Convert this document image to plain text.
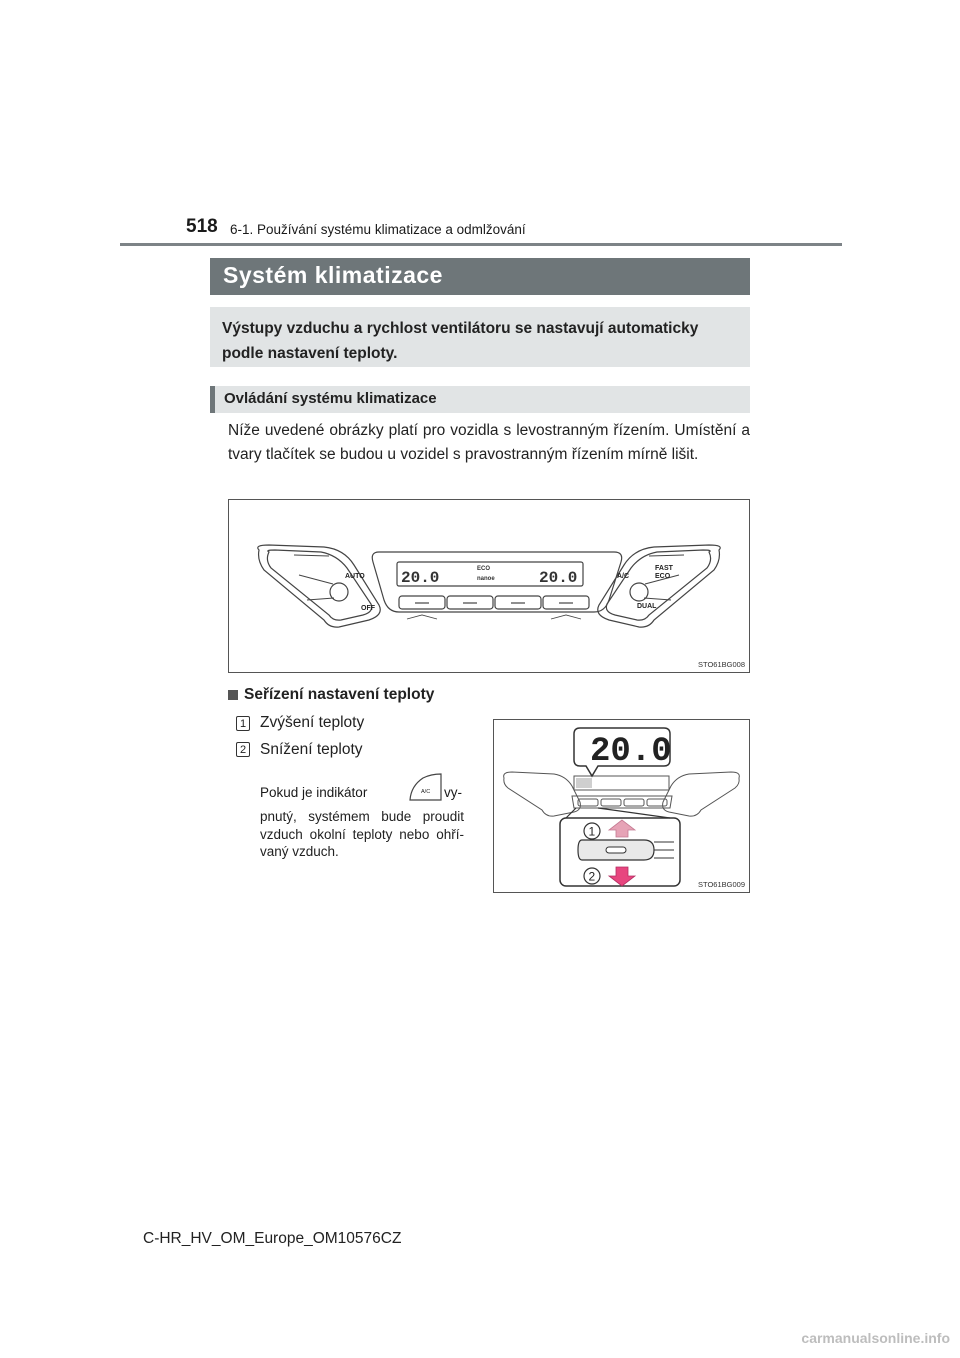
518 6-1. Používání systému klimatizace a odmlžování
Systém klimatizace
Výstupy vzduchu a rychlost ventilátoru se nastavují automaticky podle nastavení teploty.
Ovládání systému klimatizace
Níže uvedené obrázky platí pro vozidla s levostranným řízením. Umístění a tvary tlačítek se budou u vozidel s pravostranným řízením mírně lišit.
20.0	20.0
ECO
nanoe
AUTO
OFF
A/C
FAST
ECO
DUAL
STO61BG008
Seřízení nastavení teploty
1 Zvýšení teploty
2 Snížení teploty
Pokud je indikátor	A/C vy-
pnutý, systémem bude proudit vzduch okolní teploty nebo ohří-vaný vzduch.
20.0
1
2
STO61BG009
C-HR_HV_OM_Europe_OM10576CZ
carmanualsonline.info
